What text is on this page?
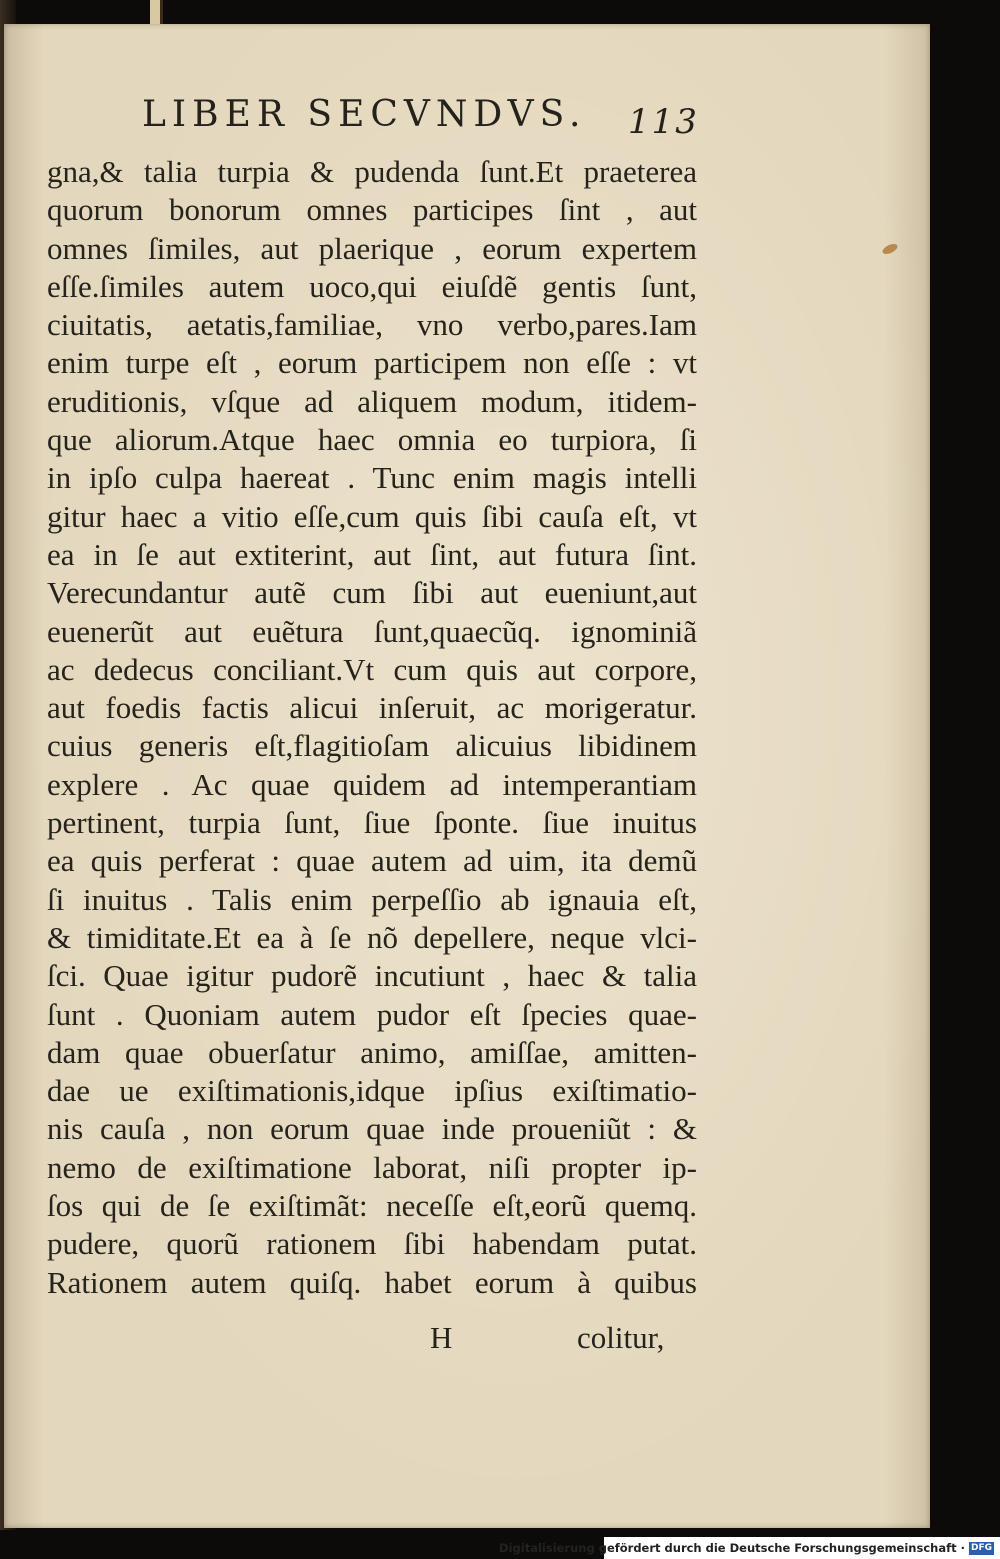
LIBER SECVNDVS.	113
gna,& talia turpia & pudenda ſunt.Et praeterea
quorum bonorum omnes participes ſint , aut
omnes ſimiles, aut plaerique , eorum expertem
eſſe.ſimiles autem uoco,qui eiuſdẽ gentis ſunt,
ciuitatis, aetatis,familiae, vno verbo,pares.Iam
enim turpe eſt , eorum participem non eſſe : vt
eruditionis, vſque ad aliquem modum, itidem-
que aliorum.Atque haec omnia eo turpiora, ſi
in ipſo culpa haereat . Tunc enim magis intelli
gitur haec a vitio eſſe,cum quis ſibi cauſa eſt, vt
ea in ſe aut extiterint, aut ſint, aut futura ſint.
Verecundantur autẽ cum ſibi aut eueniunt,aut
euenerũt aut euẽtura ſunt,quaecũq. ignominiã
ac dedecus conciliant.Vt cum quis aut corpore,
aut foedis factis alicui inſeruit, ac morigeratur.
cuius generis eſt,flagitioſam alicuius libidinem
explere . Ac quae quidem ad intemperantiam
pertinent, turpia ſunt, ſiue ſponte. ſiue inuitus
ea quis perferat : quae autem ad uim, ita demũ
ſi inuitus . Talis enim perpeſſio ab ignauia eſt,
& timiditate.Et ea à ſe nõ depellere, neque vlci-
ſci. Quae igitur pudorẽ incutiunt , haec & talia
ſunt . Quoniam autem pudor eſt ſpecies quae-
dam quae obuerſatur animo, amiſſae, amitten-
dae ue exiſtimationis,idque ipſius exiſtimatio-
nis cauſa , non eorum quae inde proueniũt : &
nemo de exiſtimatione laborat, niſi propter ip-
ſos qui de ſe exiſtimãt: neceſſe eſt,eorũ quemq.
pudere, quorũ rationem ſibi habendam putat.
Rationem autem quiſq. habet eorum à quibus
H	colitur,
Digitalisierung gefördert durch die Deutsche Forschungsgemeinschaft · DFG
